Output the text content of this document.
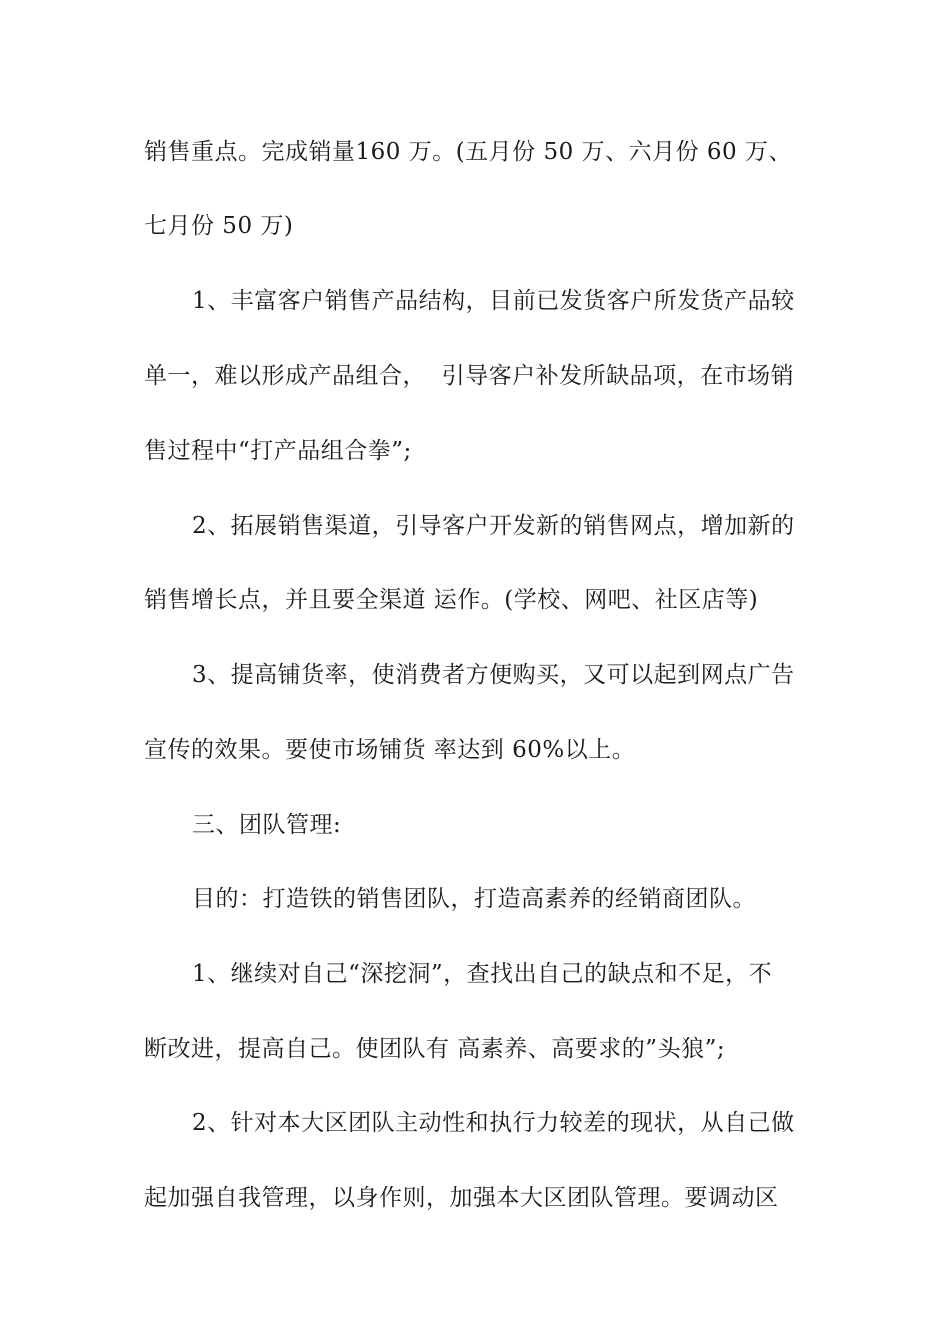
销售重点。完成销量160 万。(五月份 50 万、六月份 60 万、
七月份 50 万)
1、丰富客户销售产品结构，目前已发货客户所发货产品较
单一，难以形成产品组合，  引导客户补发所缺品项，在市场销
售过程中“打产品组合拳”;
2、拓展销售渠道，引导客户开发新的销售网点，增加新的
销售增长点，并且要全渠道 运作。(学校、网吧、社区店等)
3、提高铺货率，使消费者方便购买，又可以起到网点广告
宣传的效果。要使市场铺货 率达到 60%以上。
三、团队管理:
目的：打造铁的销售团队，打造高素养的经销商团队。
1、继续对自己“深挖洞”，查找出自己的缺点和不足，不
断改进，提高自己。使团队有 高素养、高要求的”头狼”;
2、针对本大区团队主动性和执行力较差的现状，从自己做
起加强自我管理，以身作则，加强本大区团队管理。要调动区
